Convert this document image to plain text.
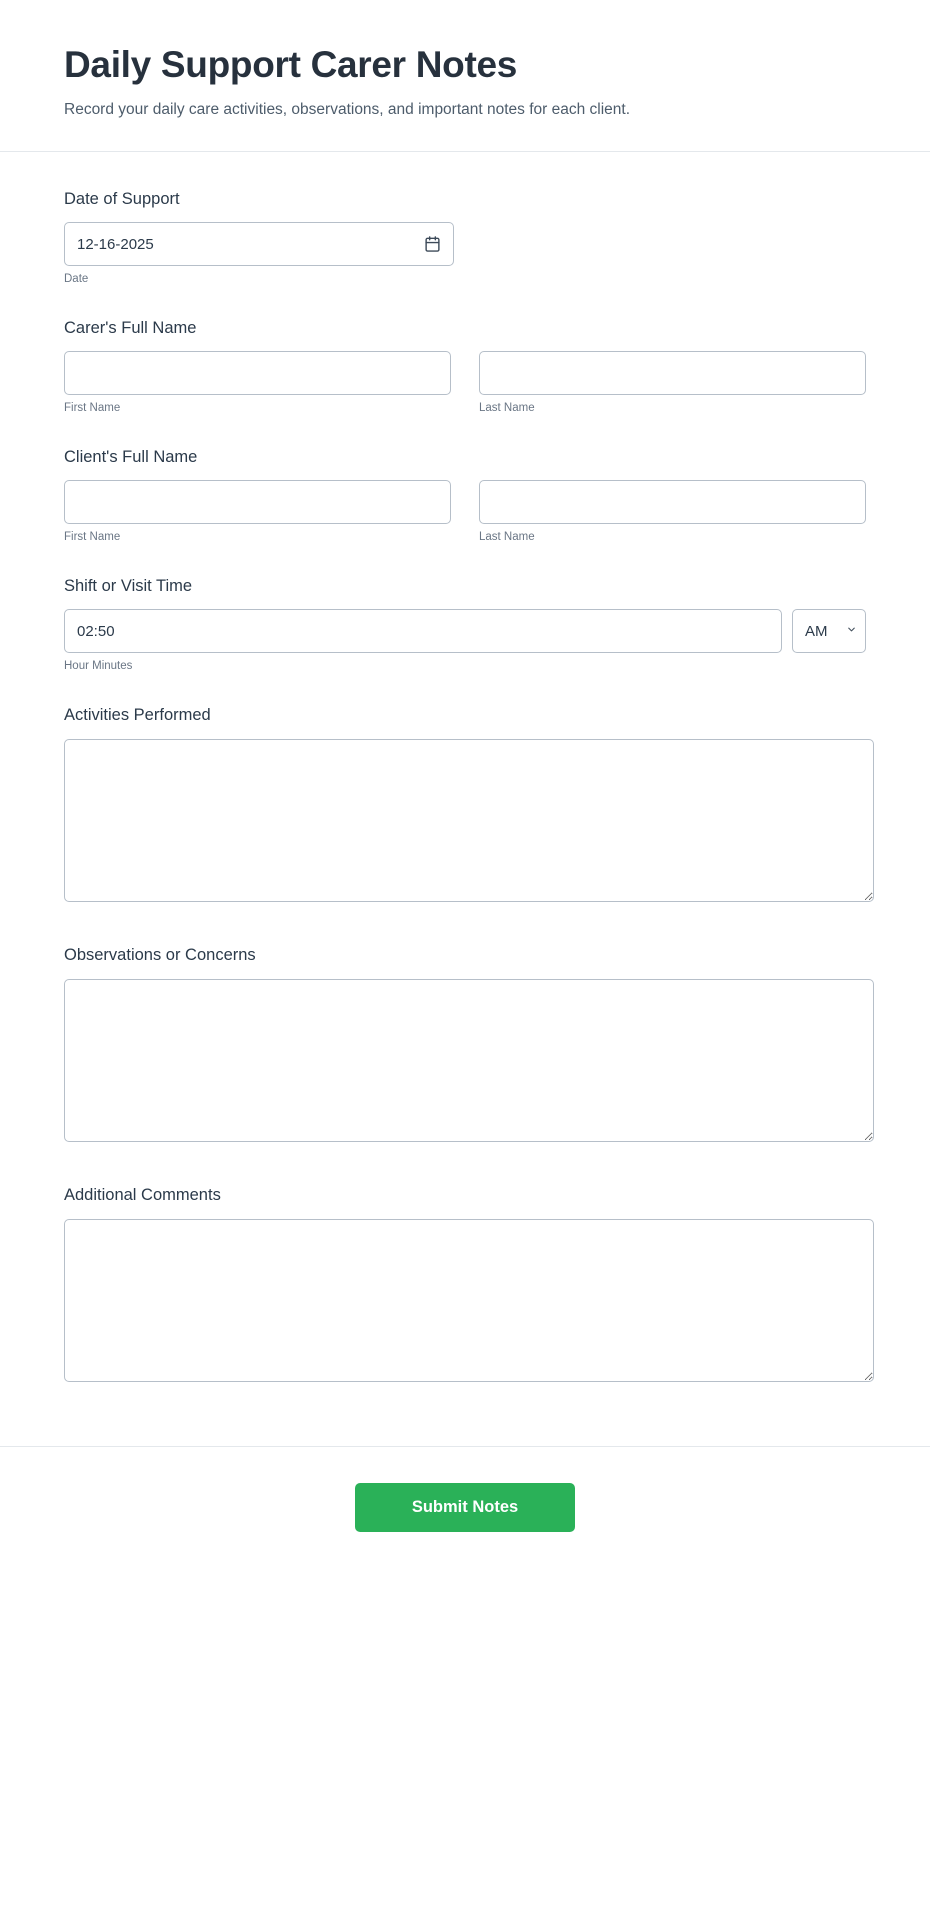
Daily Support Carer Notes

Record your daily care activities, observations, and important notes for each client.

Date of Support
12-16-2025
Date
Carer's Full Name
First Name	Last Name
Client's Full Name
First Name	Last Name
Shift or Visit Time
02:50
AM
Hour Minutes
Activities Performed
Observations or Concerns
Additional Comments
Submit Notes
